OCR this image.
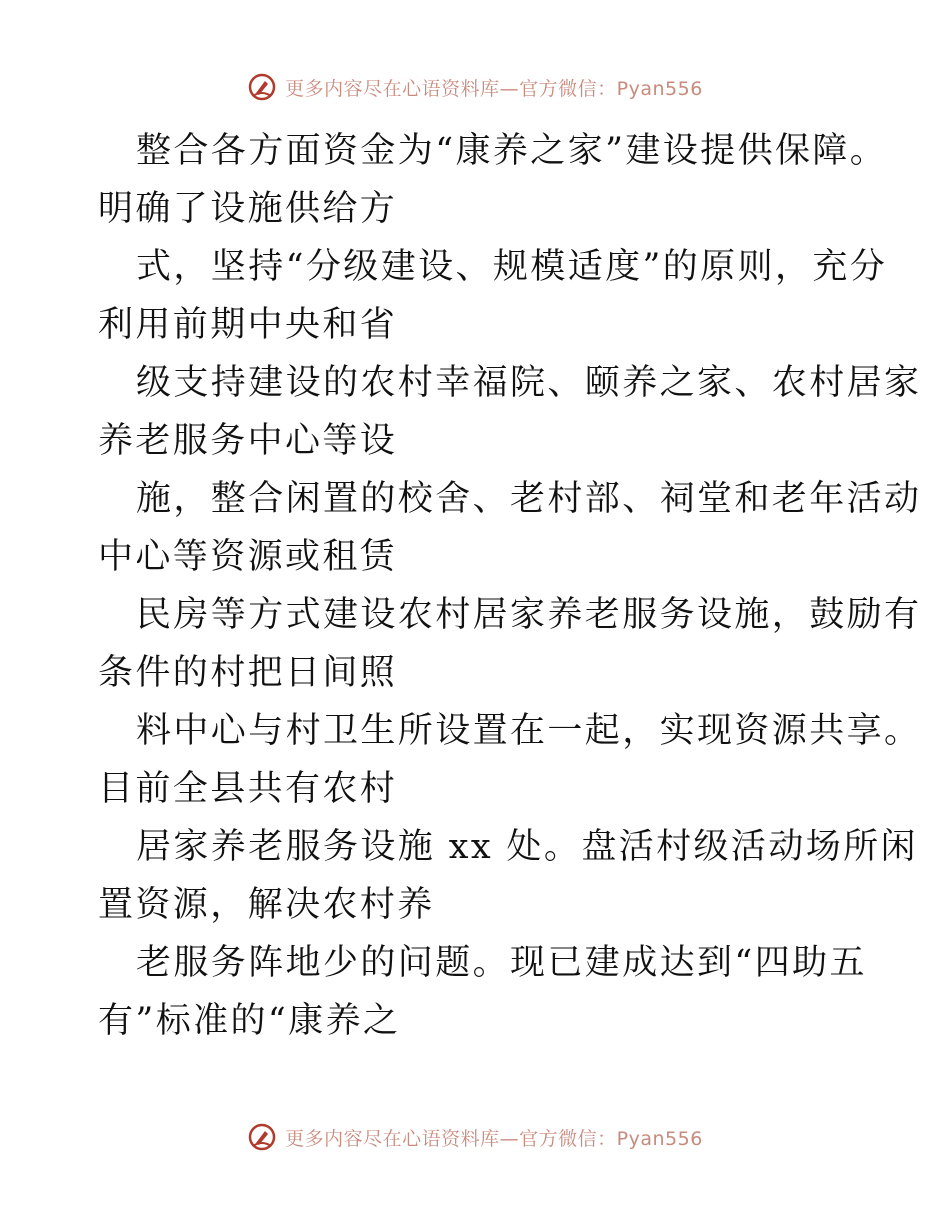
更多内容尽在心语资料库—官方微信：Pyan556
整合各方面资金为“康养之家”建设提供保障。
明确了设施供给方
式，坚持“分级建设、规模适度”的原则，充分
利用前期中央和省
级支持建设的农村幸福院、颐养之家、农村居家
养老服务中心等设
施，整合闲置的校舍、老村部、祠堂和老年活动
中心等资源或租赁
民房等方式建设农村居家养老服务设施，鼓励有
条件的村把日间照
料中心与村卫生所设置在一起，实现资源共享。
目前全县共有农村
居家养老服务设施 xx 处。盘活村级活动场所闲
置资源，解决农村养
老服务阵地少的问题。现已建成达到“四助五
有”标准的“康养之
更多内容尽在心语资料库—官方微信：Pyan556
